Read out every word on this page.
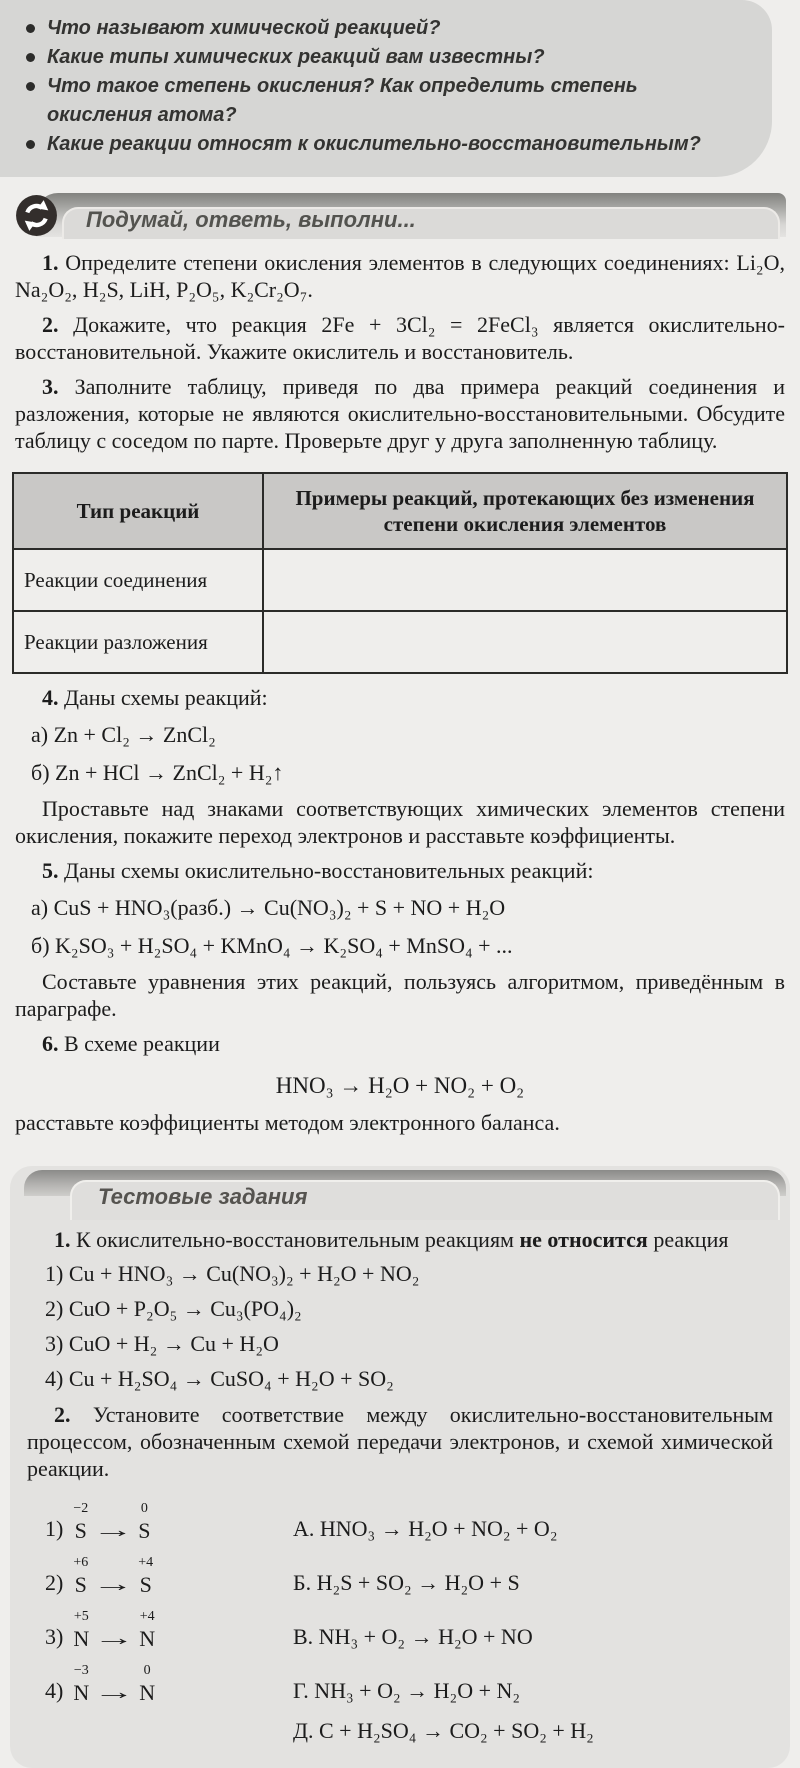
Что называют химической реакцией?
Какие типы химических реакций вам известны?
Что такое степень окисления? Как определить степень окисления атома?
Какие реакции относят к окислительно-восстановительным?
Подумай, ответь, выполни...

1. Определите степени окисления элементов в следующих соединениях: Li₂O, Na₂O₂, H₂S, LiH, P₂O₅, K₂Cr₂O₇.

2. Докажите, что реакция 2Fe + 3Cl₂ = 2FeCl₃ является окислительно-восстановительной. Укажите окислитель и восстановитель.

3. Заполните таблицу, приведя по два примера реакций соединения и разложения, которые не являются окислительно-восстановительными. Обсудите таблицу с соседом по парте. Проверьте друг у друга заполненную таблицу.

Тип реакций	Примеры реакций, протекающих без изменения степени окисления элементов
Реакции соединения	
Реакции разложения	

4. Даны схемы реакций:

а) Zn + Cl₂ → ZnCl₂
б) Zn + HCl → ZnCl₂ + H₂↑

Проставьте над знаками соответствующих химических элементов степени окисления, покажите переход электронов и расставьте коэффициенты.

5. Даны схемы окислительно-восстановительных реакций:

а) CuS + HNO₃(разб.) → Cu(NO₃)₂ + S + NO + H₂O
б) K₂SO₃ + H₂SO₄ + KMnO₄ → K₂SO₄ + MnSO₄ + ...

Составьте уравнения этих реакций, пользуясь алгоритмом, приведённым в параграфе.

6. В схеме реакции

HNO₃ → H₂O + NO₂ + O₂

расставьте коэффициенты методом электронного баланса.

Тестовые задания

1. К окислительно-восстановительным реакциям не относится реакция

1) Cu + HNO₃ → Cu(NO₃)₂ + H₂O + NO₂
2) CuO + P₂O₅ → Cu₃(PO₄)₂
3) CuO + H₂ → Cu + H₂O
4) Cu + H₂SO₄ → CuSO₄ + H₂O + SO₂

2. Установите соответствие между окислительно-восстановительным процессом, обозначенным схемой передачи электронов, и схемой химической реакции.

1)
−2
S →
0
S	А. HNO₃ → H₂O + NO₂ + O₂
2)
+6
S →
+4
S	Б. H₂S + SO₂ → H₂O + S
3)
+5
N →
+4
N	В. NH₃ + O₂ → H₂O + NO
4)
−3
N →
0
N	Г. NH₃ + O₂ → H₂O + N₂
Д. C + H₂SO₄ → CO₂ + SO₂ + H₂
